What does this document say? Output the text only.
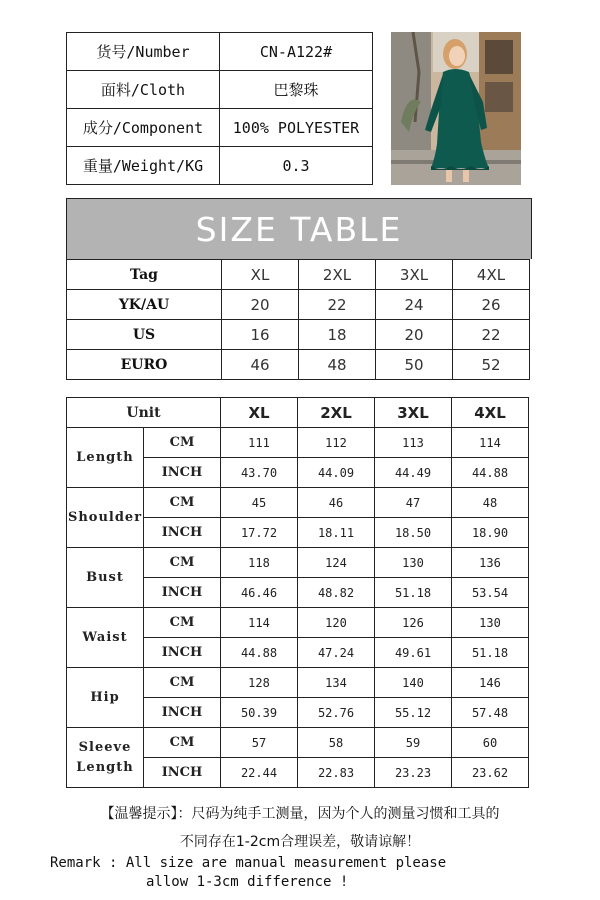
货号/Number	CN-A122#
面料/Cloth	巴黎珠
成分/Component	100% POLYESTER
重量/Weight/KG	0.3
SIZE TABLE
Tag	XL	2XL	3XL	4XL
YK/AU	20	22	24	26
US	16	18	20	22
EURO	46	48	50	52
Unit		XL	2XL	3XL	4XL
Length	CM	111	112	113	114
	INCH	43.70	44.09	44.49	44.88
Shoulder	CM	45	46	47	48
	INCH	17.72	18.11	18.50	18.90
Bust	CM	118	124	130	136
	INCH	46.46	48.82	51.18	53.54
Waist	CM	114	120	126	130
	INCH	44.88	47.24	49.61	51.18
Hip	CM	128	134	140	146
	INCH	50.39	52.76	55.12	57.48
Sleeve
Length	CM	57	58	59	60
	INCH	22.44	22.83	23.23	23.62
【温馨提示】：尺码为纯手工测量，因为个人的测量习惯和工具的
不同存在1-2cm合理误差，敬请谅解！
Remark : All size are manual measurement please
allow 1-3cm difference !
